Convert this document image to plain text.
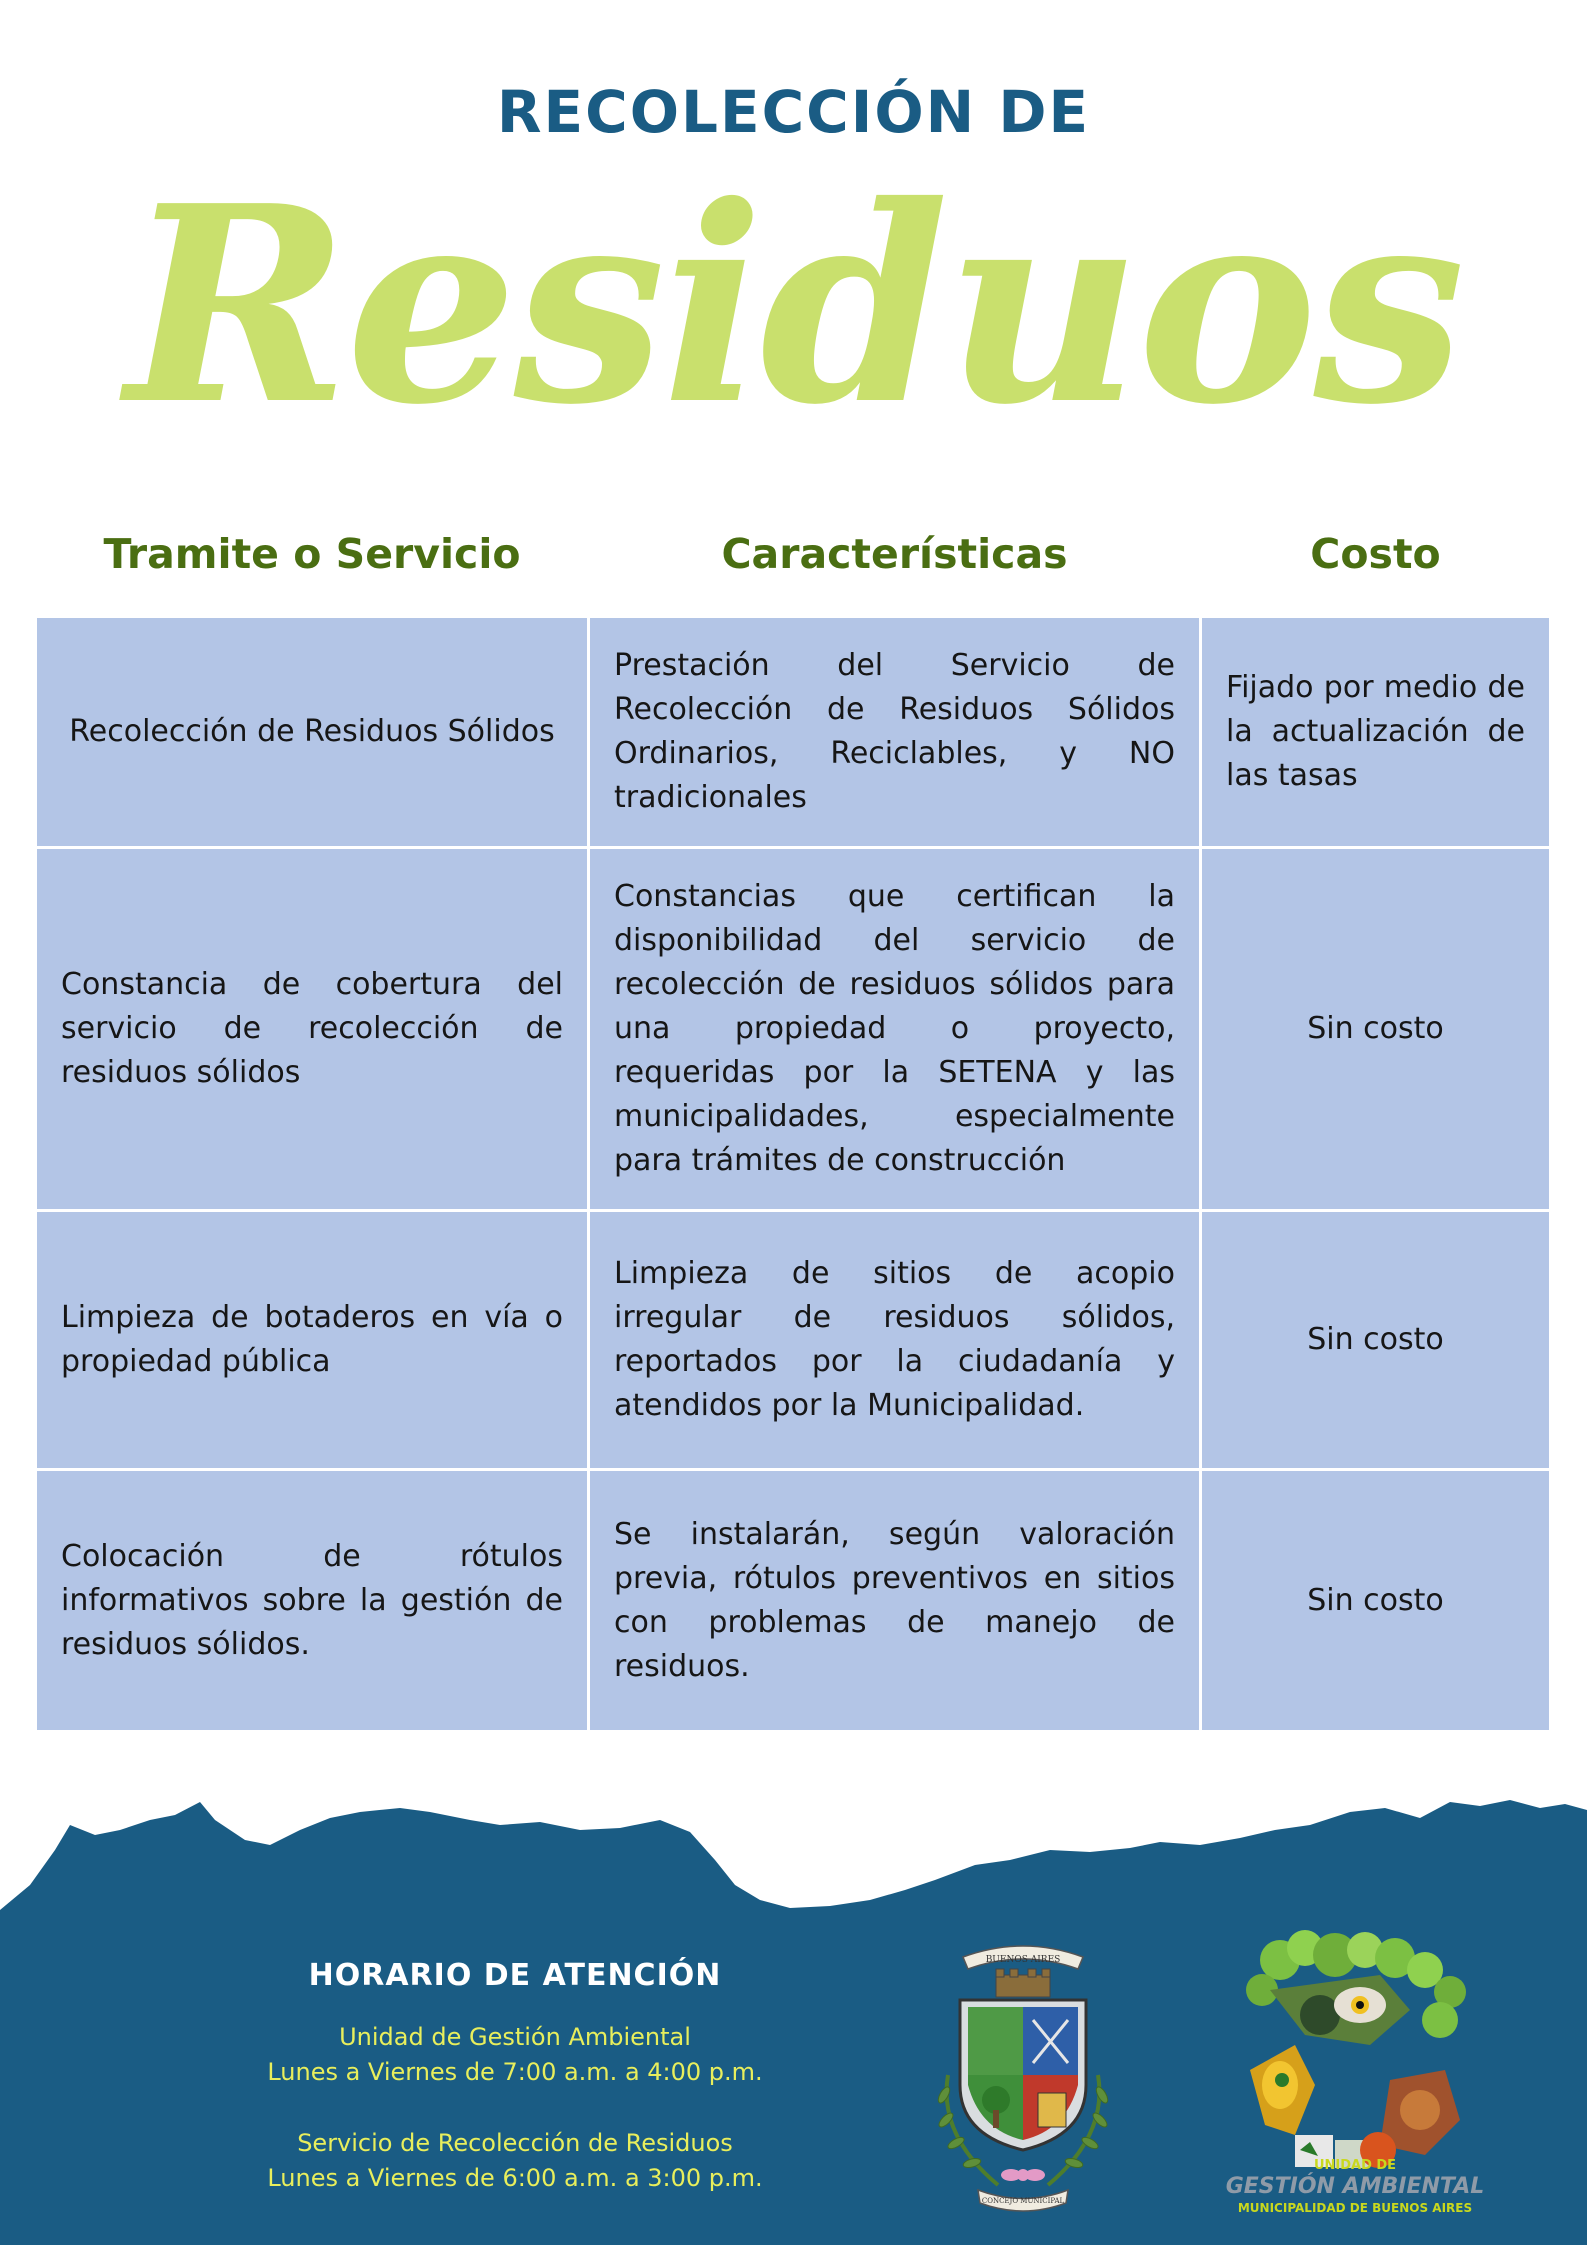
RECOLECCIÓN DE
Residuos
Tramite o Servicio	Características	Costo
Recolección de Residuos Sólidos
Prestación del Servicio de Recolección de Residuos Sólidos Ordinarios, Reciclables, y NO tradicionales
Fijado por medio de la actualización de las tasas
Constancia de cobertura del servicio de recolección de residuos sólidos
Constancias que certifican la disponibilidad del servicio de recolección de residuos sólidos para una propiedad o proyecto, requeridas por la SETENA y las municipalidades, especialmente para trámites de construcción
Sin costo
Limpieza de botaderos en vía o propiedad pública
Limpieza de sitios de acopio irregular de residuos sólidos, reportados por la ciudadanía y atendidos por la Municipalidad.
Sin costo
Colocación de rótulos informativos sobre la gestión de residuos sólidos.
Se instalarán, según valoración previa, rótulos preventivos en sitios con problemas de manejo de residuos.
Sin costo
HORARIO DE ATENCIÓN
Unidad de Gestión Ambiental
Lunes a Viernes de 7:00 a.m. a 4:00 p.m.
Servicio de Recolección de Residuos
Lunes a Viernes de 6:00 a.m. a 3:00 p.m.
BUENOS AIRES
CONCEJO MUNICIPAL
UNIDAD DE
GESTIÓN AMBIENTAL
MUNICIPALIDAD DE BUENOS AIRES
